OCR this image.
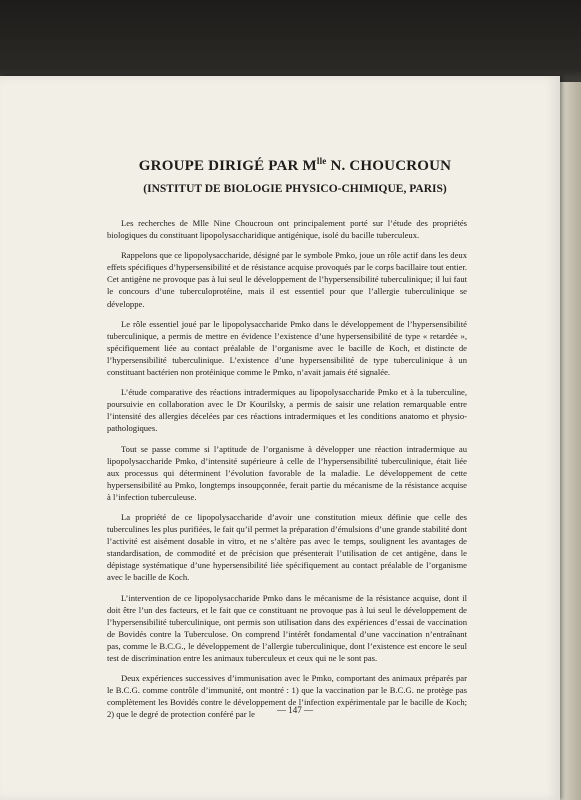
GROUPE DIRIGÉ PAR $M^{lle}$ N. CHOUCROUN
(INSTITUT DE BIOLOGIE PHYSICO-CHIMIQUE, PARIS)

Les recherches de Mlle Nine Choucroun ont principalement porté sur l’étude des propriétés biologiques du constituant lipopolysaccharidique antigénique, isolé du bacille tuberculeux.

Rappelons que ce lipopolysaccharide, désigné par le symbole Pmko, joue un rôle actif dans les deux effets spécifiques d’hypersensibilité et de résistance acquise provoqués par le corps bacillaire tout entier. Cet antigène ne provoque pas à lui seul le développement de l’hypersensibilité tuberculinique; il lui faut le concours d’une tuberculoprotéine, mais il est essentiel pour que l’allergie tuberculinique se développe.

Le rôle essentiel joué par le lipopolysaccharide Pmko dans le développement de l’hypersensibilité tuberculinique, a permis de mettre en évidence l’existence d’une hypersensibilité de type « retardée », spécifiquement liée au contact préalable de l’organisme avec le bacille de Koch, et distincte de l’hypersensibilité tuberculinique. L’existence d’une hypersensibilité de type tuberculinique à un constituant bactérien non protéinique comme le Pmko, n’avait jamais été signalée.

L’étude comparative des réactions intradermiques au lipopolysaccharide Pmko et à la tuberculine, poursuivie en collaboration avec le Dr Kourilsky, a permis de saisir une relation remarquable entre l’intensité des allergies décelées par ces réactions intradermiques et les conditions anatomo et physio-pathologiques.

Tout se passe comme si l’aptitude de l’organisme à développer une réaction intradermique au lipopolysaccharide Pmko, d’intensité supérieure à celle de l’hypersensibilité tuberculinique, était liée aux processus qui déterminent l’évolution favorable de la maladie. Le développement de cette hypersensibilité au Pmko, longtemps insoupçonnée, ferait partie du mécanisme de la résistance acquise à l’infection tuberculeuse.

La propriété de ce lipopolysaccharide d’avoir une constitution mieux définie que celle des tuberculines les plus purifiées, le fait qu’il permet la préparation d’émulsions d’une grande stabilité dont l’activité est aisément dosable in vitro, et ne s’altère pas avec le temps, soulignent les avantages de standardisation, de commodité et de précision que présenterait l’utilisation de cet antigène, dans le dépistage systématique d’une hypersensibilité liée spécifiquement au contact préalable de l’organisme avec le bacille de Koch.

L’intervention de ce lipopolysaccharide Pmko dans le mécanisme de la résistance acquise, dont il doit être l’un des facteurs, et le fait que ce constituant ne provoque pas à lui seul le développement de l’hypersensibilité tuberculinique, ont permis son utilisation dans des expériences d’essai de vaccination de Bovidés contre la Tuberculose. On comprend l’intérêt fondamental d’une vaccination n’entraînant pas, comme le B.C.G., le développement de l’allergie tuberculinique, dont l’existence est encore le seul test de discrimination entre les animaux tuberculeux et ceux qui ne le sont pas.

Deux expériences successives d’immunisation avec le Pmko, comportant des animaux préparés par le B.C.G. comme contrôle d’immunité, ont montré : 1) que la vaccination par le B.C.G. ne protège pas complètement les Bovidés contre le développement de l’infection expérimentale par le bacille de Koch; 2) que le degré de protection conféré par le	— 147 —
